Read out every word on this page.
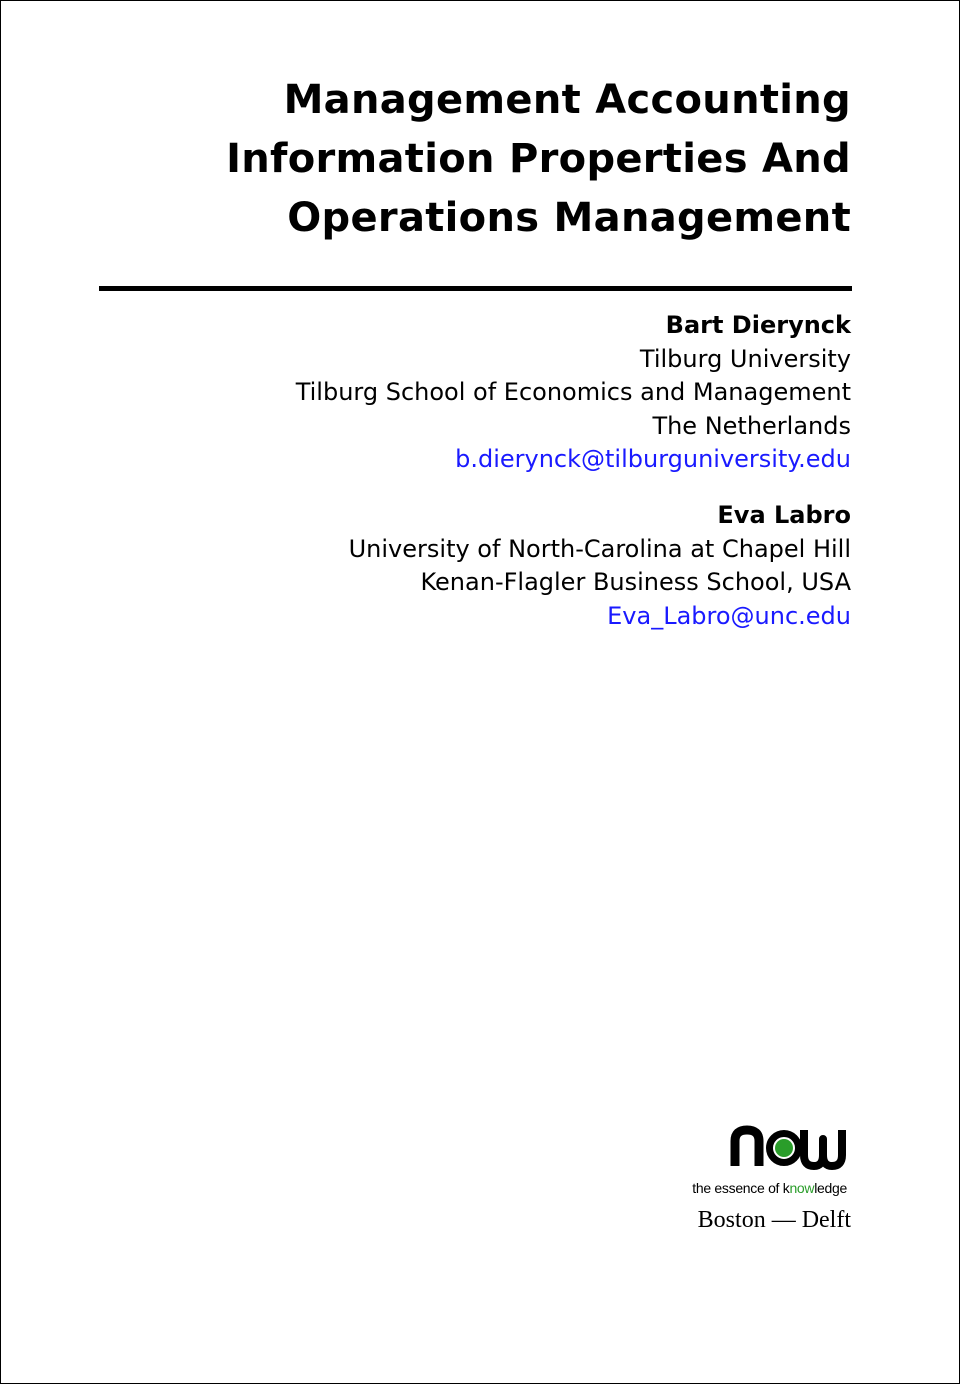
Management Accounting
Information Properties And
Operations Management
Bart Dierynck
Tilburg University
Tilburg School of Economics and Management
The Netherlands
b.dierynck@tilburguniversity.edu
Eva Labro
University of North-Carolina at Chapel Hill
Kenan-Flagler Business School, USA
Eva_Labro@unc.edu
the essence of knowledge
Boston — Delft
